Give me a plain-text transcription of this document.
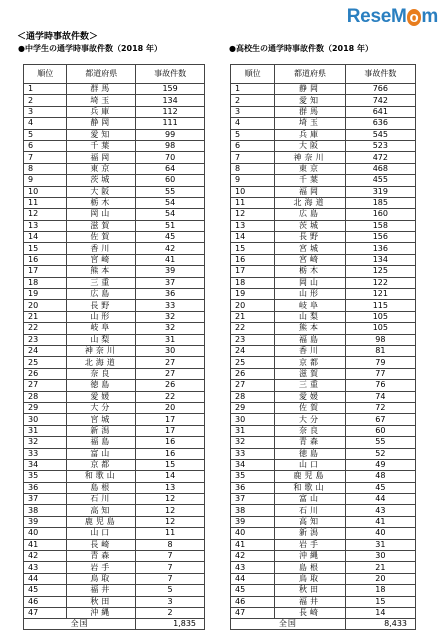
ReseM o m
＜通学時事故件数＞
●中学生の通学時事故件数（2018 年）	●高校生の通学時事故件数（2018 年）
順位	都道府県	事故件数
1	群馬	159
2	埼玉	134
3	兵庫	112
4	静岡	111
5	愛知	99
6	千葉	98
7	福岡	70
8	東京	64
9	茨城	60
10	大阪	55
11	栃木	54
12	岡山	54
13	滋賀	51
14	佐賀	45
15	香川	42
16	宮崎	41
17	熊本	39
18	三重	37
19	広島	36
20	長野	33
21	山形	32
22	岐阜	32
23	山梨	31
24	神奈川	30
25	北海道	27
26	奈良	27
27	徳島	26
28	愛媛	22
29	大分	20
30	宮城	17
31	新潟	17
32	福島	16
33	富山	16
34	京都	15
35	和歌山	14
36	島根	13
37	石川	12
38	高知	12
39	鹿児島	12
40	山口	11
41	長崎	8
42	青森	7
43	岩手	7
44	鳥取	7
45	福井	5
46	秋田	3
47	沖縄	2
全国		1,835
順位	都道府県	事故件数
1	静岡	766
2	愛知	742
3	群馬	641
4	埼玉	636
5	兵庫	545
6	大阪	523
7	神奈川	472
8	東京	468
9	千葉	455
10	福岡	319
11	北海道	185
12	広島	160
13	茨城	158
14	長野	156
15	宮城	136
16	宮崎	134
17	栃木	125
18	岡山	122
19	山形	121
20	岐阜	115
21	山梨	105
22	熊本	105
23	福島	98
24	香川	81
25	京都	79
26	滋賀	77
27	三重	76
28	愛媛	74
29	佐賀	72
30	大分	67
31	奈良	60
32	青森	55
33	徳島	52
34	山口	49
35	鹿児島	48
36	和歌山	45
37	富山	44
38	石川	43
39	高知	41
40	新潟	40
41	岩手	31
42	沖縄	30
43	島根	21
44	鳥取	20
45	秋田	18
46	福井	15
47	長崎	14
全国		8,433
